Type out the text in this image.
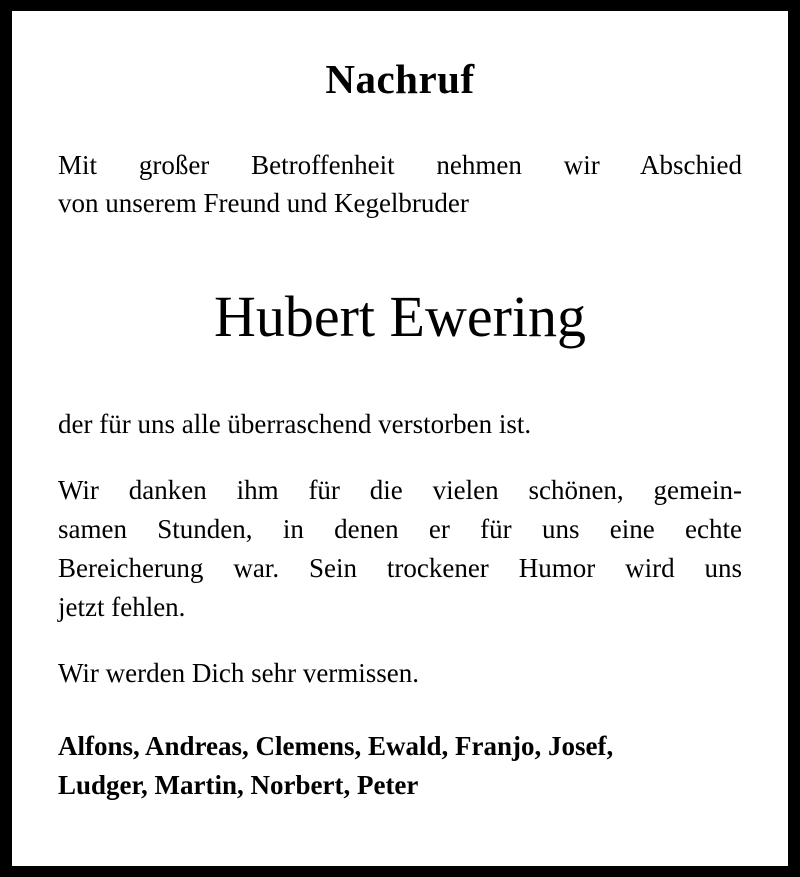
Nachruf
Mit großer Betroffenheit nehmen wir Abschied
von unserem Freund und Kegelbruder
Hubert Ewering
der für uns alle überraschend verstorben ist.
Wir danken ihm für die vielen schönen, gemein-
samen Stunden, in denen er für uns eine echte
Bereicherung war. Sein trockener Humor wird uns
jetzt fehlen.
Wir werden Dich sehr vermissen.
Alfons, Andreas, Clemens, Ewald, Franjo, Josef,
Ludger, Martin, Norbert, Peter
